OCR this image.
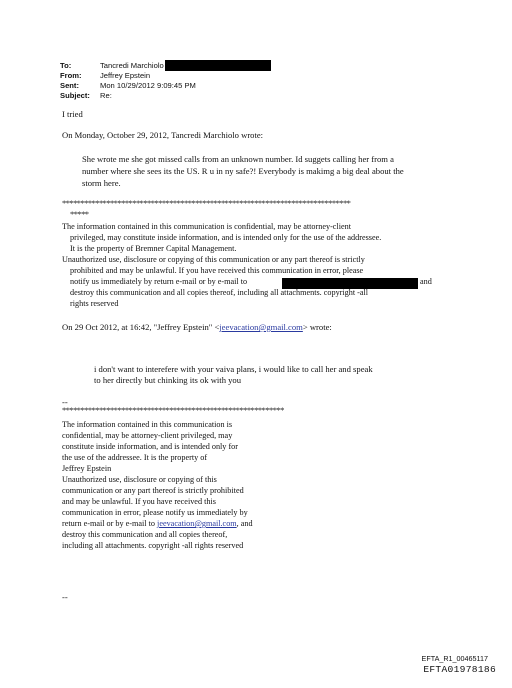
To:	Tancredi Marchiolo
From:	Jeffrey Epstein
Sent:	Mon 10/29/2012 9:09:45 PM
Subject:	Re:
I tried
On Monday, October 29, 2012, Tancredi Marchiolo wrote:
She wrote me she got missed calls from an unknown number. Id suggets calling her from a
number where she sees its the US. R u in ny safe?! Everybody is makimg a big deal about the
storm here.
******************************************************************************
*****
The information contained in this communication is confidential, may be attorney-client
privileged, may constitute inside information, and is intended only for the use of the addressee.
It is the property of Bremner Capital Management.
Unauthorized use, disclosure or copying of this communication or any part thereof is strictly
prohibited and may be unlawful. If you have received this communication in error, please
notify us immediately by return e-mail or by e-mail to	and
destroy this communication and all copies thereof, including all attachments. copyright -all
rights reserved
On 29 Oct 2012, at 16:42, "Jeffrey Epstein" <jeevacation@gmail.com> wrote:
i don't want to interefere with your vaiva plans, i would like to call her and speak
to her directly but chinking its ok with you
--
************************************************************
The information contained in this communication is
confidential, may be attorney-client privileged, may
constitute inside information, and is intended only for
the use of the addressee. It is the property of
Jeffrey Epstein
Unauthorized use, disclosure or copying of this
communication or any part thereof is strictly prohibited
and may be unlawful. If you have received this
communication in error, please notify us immediately by
return e-mail or by e-mail to jeevacation@gmail.com, and
destroy this communication and all copies thereof,
including all attachments. copyright -all rights reserved
--
EFTA_R1_00465117
EFTA01978186
